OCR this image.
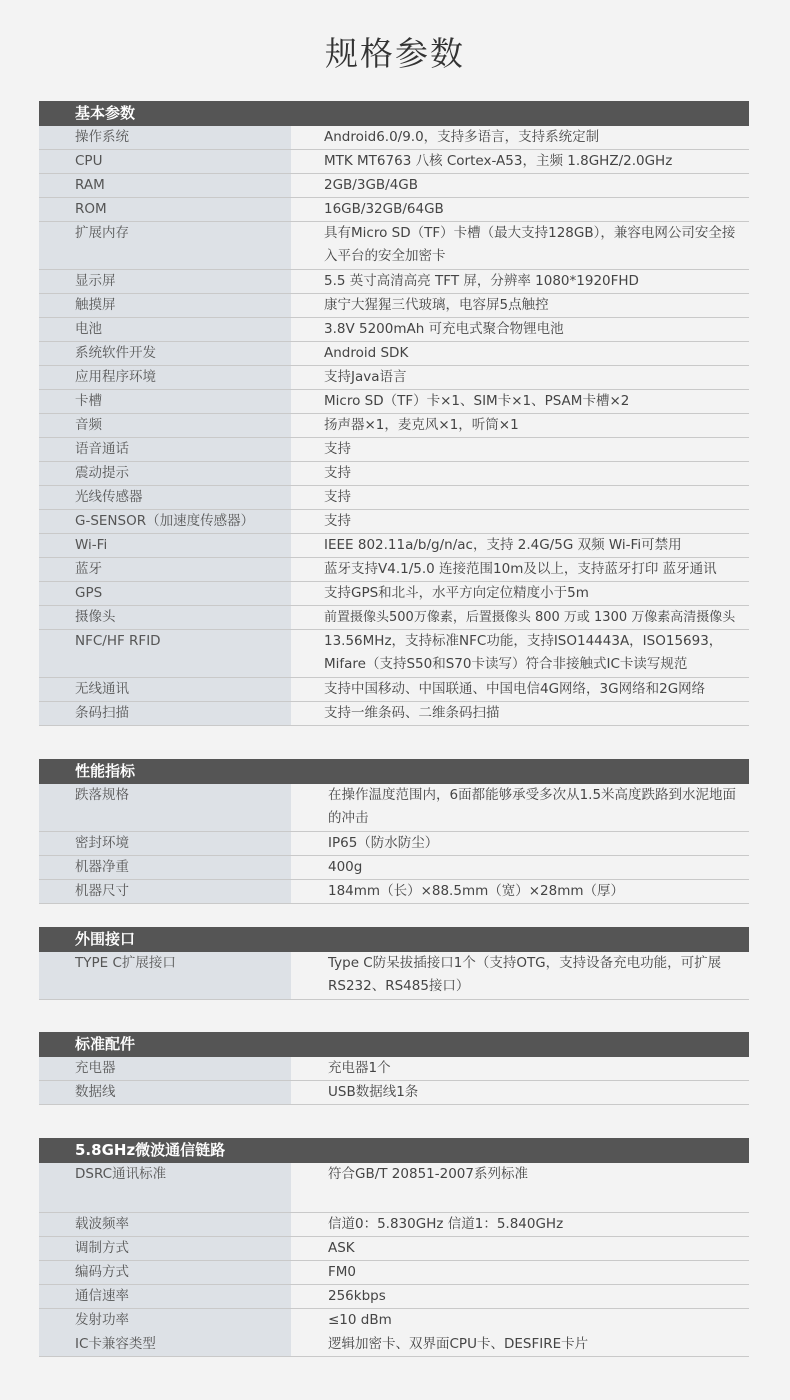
规格参数
基本参数
操作系统	Android6.0/9.0，支持多语言，支持系统定制
CPU	MTK MT6763 八核 Cortex-A53，主频 1.8GHZ/2.0GHz
RAM	2GB/3GB/4GB
ROM	16GB/32GB/64GB
扩展内存	具有Micro SD（TF）卡槽（最大支持128GB），兼容电网公司安全接入平台的安全加密卡
显示屏	5.5 英寸高清高亮 TFT 屏，分辨率 1080*1920FHD
触摸屏	康宁大猩猩三代玻璃，电容屏5点触控
电池	3.8V 5200mAh 可充电式聚合物锂电池
系统软件开发	Android SDK
应用程序环境	支持Java语言
卡槽	Micro SD（TF）卡×1、SIM卡×1、PSAM卡槽×2
音频	扬声器×1，麦克风×1，听筒×1
语音通话	支持
震动提示	支持
光线传感器	支持
G-SENSOR（加速度传感器）	支持
Wi-Fi	IEEE 802.11a/b/g/n/ac，支持 2.4G/5G 双频 Wi-Fi可禁用
蓝牙	蓝牙支持V4.1/5.0 连接范围10m及以上，支持蓝牙打印 蓝牙通讯
GPS	支持GPS和北斗，水平方向定位精度小于5m
摄像头	前置摄像头500万像素，后置摄像头 800 万或 1300 万像素高清摄像头
NFC/HF RFID	13.56MHz，支持标准NFC功能，支持ISO14443A，ISO15693，Mifare（支持S50和S70卡读写）符合非接触式IC卡读写规范
无线通讯	支持中国移动、中国联通、中国电信4G网络，3G网络和2G网络
条码扫描	支持一维条码、二维条码扫描
性能指标
跌落规格	在操作温度范围内，6面都能够承受多次从1.5米高度跌路到水泥地面的冲击
密封环境	IP65（防水防尘）
机器净重	400g
机器尺寸	184mm（长）×88.5mm（宽）×28mm（厚）
外围接口
TYPE C扩展接口	Type C防呆拔插接口1个（支持OTG，支持设备充电功能，可扩展RS232、RS485接口）
标准配件
充电器	充电器1个
数据线	USB数据线1条
5.8GHz微波通信链路
DSRC通讯标准	符合GB/T 20851-2007系列标准
载波频率	信道0：5.830GHz 信道1：5.840GHz
调制方式	ASK
编码方式	FM0
通信速率	256kbps
发射功率	≤10 dBm
IC卡兼容类型	逻辑加密卡、双界面CPU卡、DESFIRE卡片
